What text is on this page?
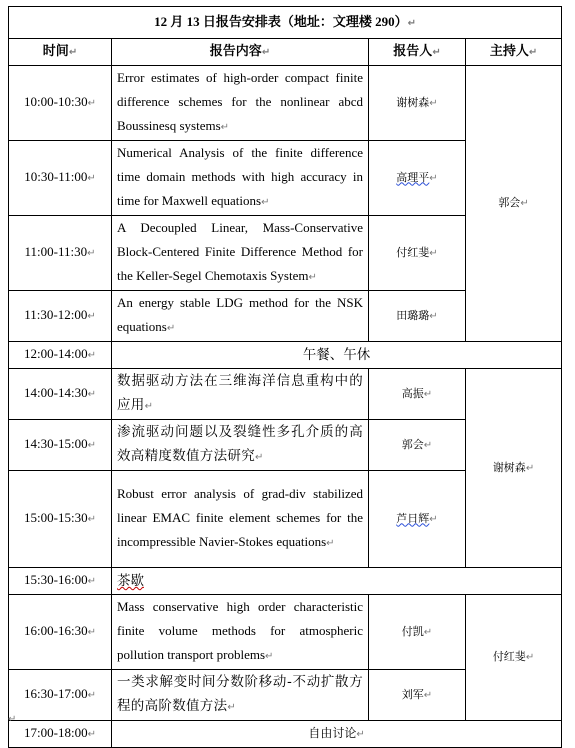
12 月 13 日报告安排表（地址：文理楼 290）↵			
时间↵	报告内容↵	报告人↵	主持人↵
10:00-10:30↵	Error estimates of high-order compact finite difference schemes for the nonlinear abcd Boussinesq systems↵	谢树森↵	郭会↵
10:30-11:00↵	Numerical Analysis of the finite difference time domain methods with high accuracy in time for Maxwell equations↵	高理平↵	
11:00-11:30↵	A Decoupled Linear, Mass-Conservative Block-Centered Finite Difference Method for the Keller-Segel Chemotaxis System↵	付红斐↵	
11:30-12:00↵	An energy stable LDG method for the NSK equations↵	田璐璐↵	
12:00-14:00↵	午餐、午休		
14:00-14:30↵	数据驱动方法在三维海洋信息重构中的应用↵	高振↵	谢树森↵
14:30-15:00↵	渗流驱动问题以及裂缝性多孔介质的高效高精度数值方法研究↵	郭会↵	
15:00-15:30↵	Robust error analysis of grad-div stabilized linear EMAC finite element schemes for the incompressible Navier-Stokes equations↵	芦日辉↵	
15:30-16:00↵	茶歇		
16:00-16:30↵	Mass conservative high order characteristic finite volume methods for atmospheric pollution transport problems↵	付凯↵	付红斐↵
16:30-17:00↵	一类求解变时间分数阶移动-不动扩散方程的高阶数值方法↵	刘军↵	
17:00-18:00↵	自由讨论↵		
↵
